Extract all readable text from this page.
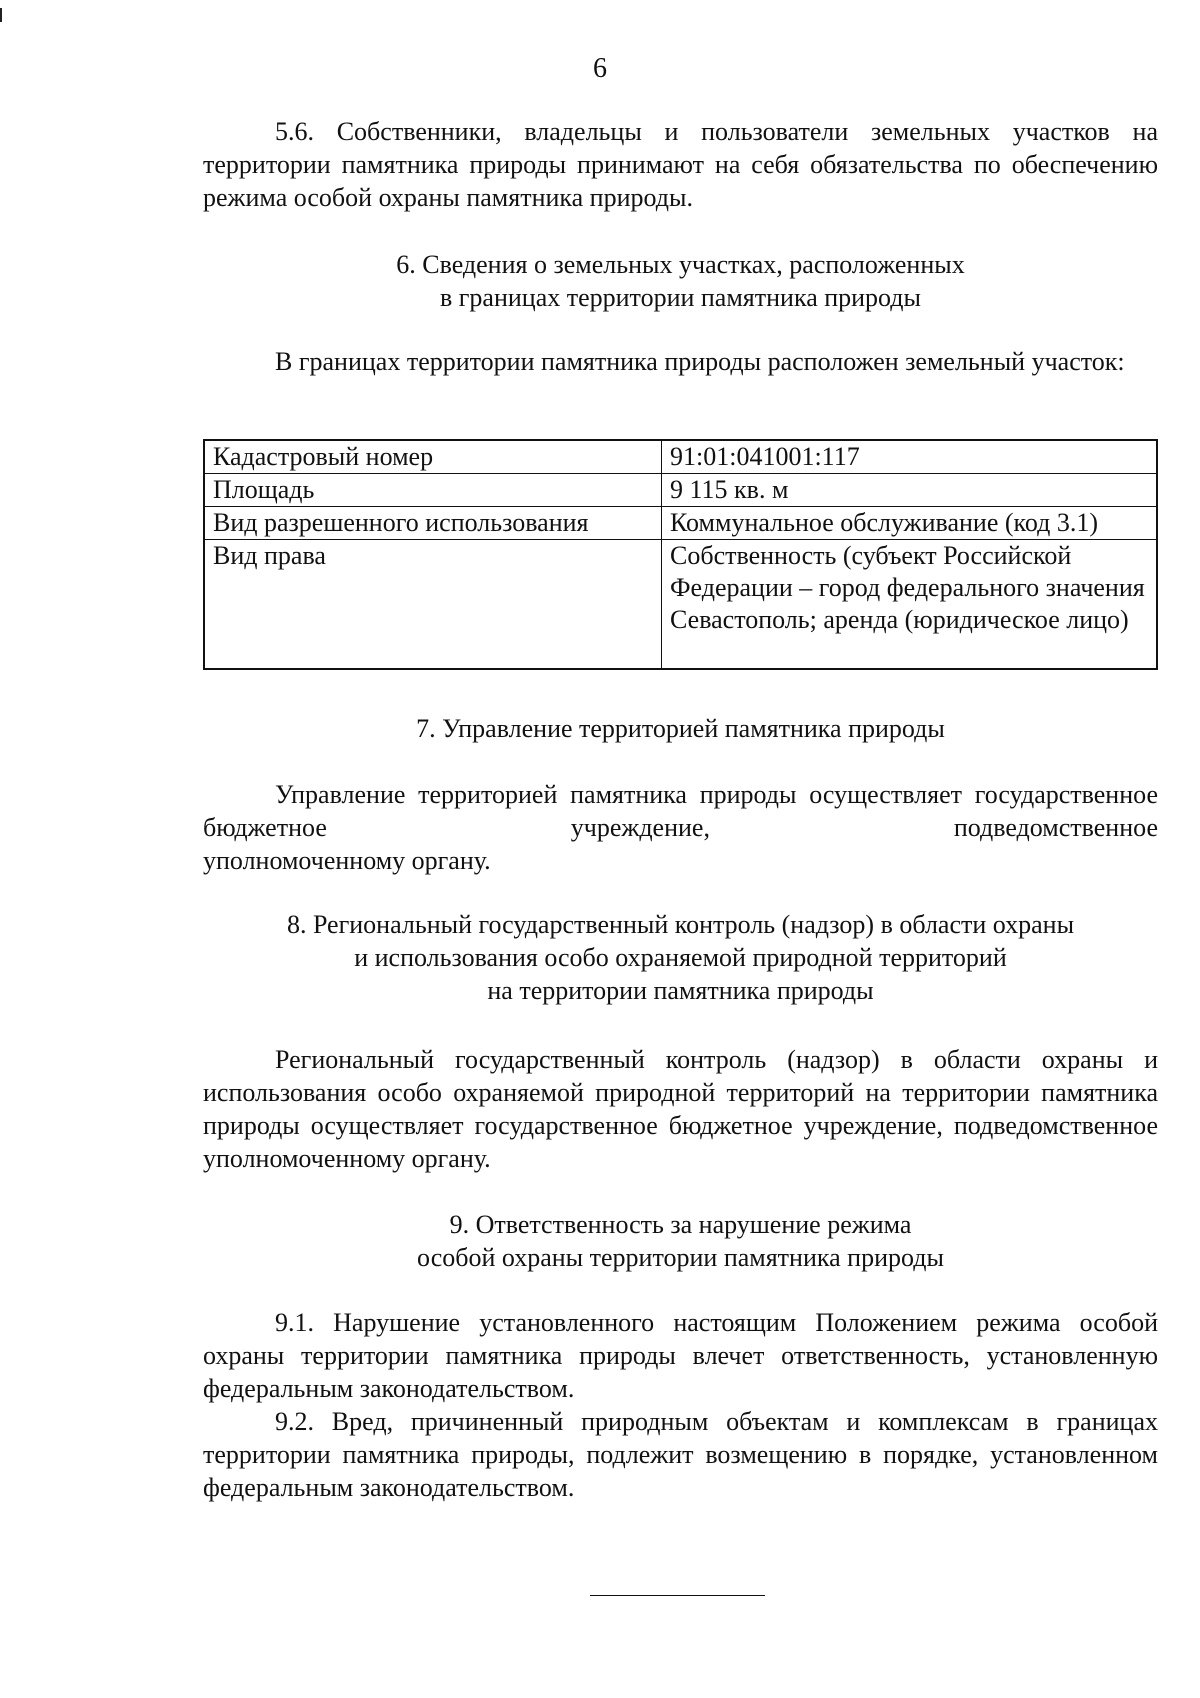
6

5.6. Собственники, владельцы и пользователи земельных участков на территории памятника природы принимают на себя обязательства по обеспечению режима особой охраны памятника природы.

6. Сведения о земельных участках, расположенных
в границах территории памятника природы

В границах территории памятника природы расположен земельный участок:

Кадастровый номер	91:01:041001:117
Площадь	9 115 кв. м
Вид разрешенного использования	Коммунальное обслуживание (код 3.1)
Вид права	Собственность (субъект Российской Федерации – город федерального значения Севастополь; аренда (юридическое лицо)

7. Управление территорией памятника природы

Управление территорией памятника природы осуществляет государственное бюджетное учреждение, подведомственное

уполномоченному органу.

8. Региональный государственный контроль (надзор) в области охраны
и использования особо охраняемой природной территорий
на территории памятника природы

Региональный государственный контроль (надзор) в области охраны и использования особо охраняемой природной территорий на территории памятника природы осуществляет государственное бюджетное учреждение, подведомственное уполномоченному органу.

9. Ответственность за нарушение режима
особой охраны территории памятника природы

9.1. Нарушение установленного настоящим Положением режима особой охраны территории памятника природы влечет ответственность, установленную федеральным законодательством.

9.2. Вред, причиненный природным объектам и комплексам в границах территории памятника природы, подлежит возмещению в порядке, установленном федеральным законодательством.
